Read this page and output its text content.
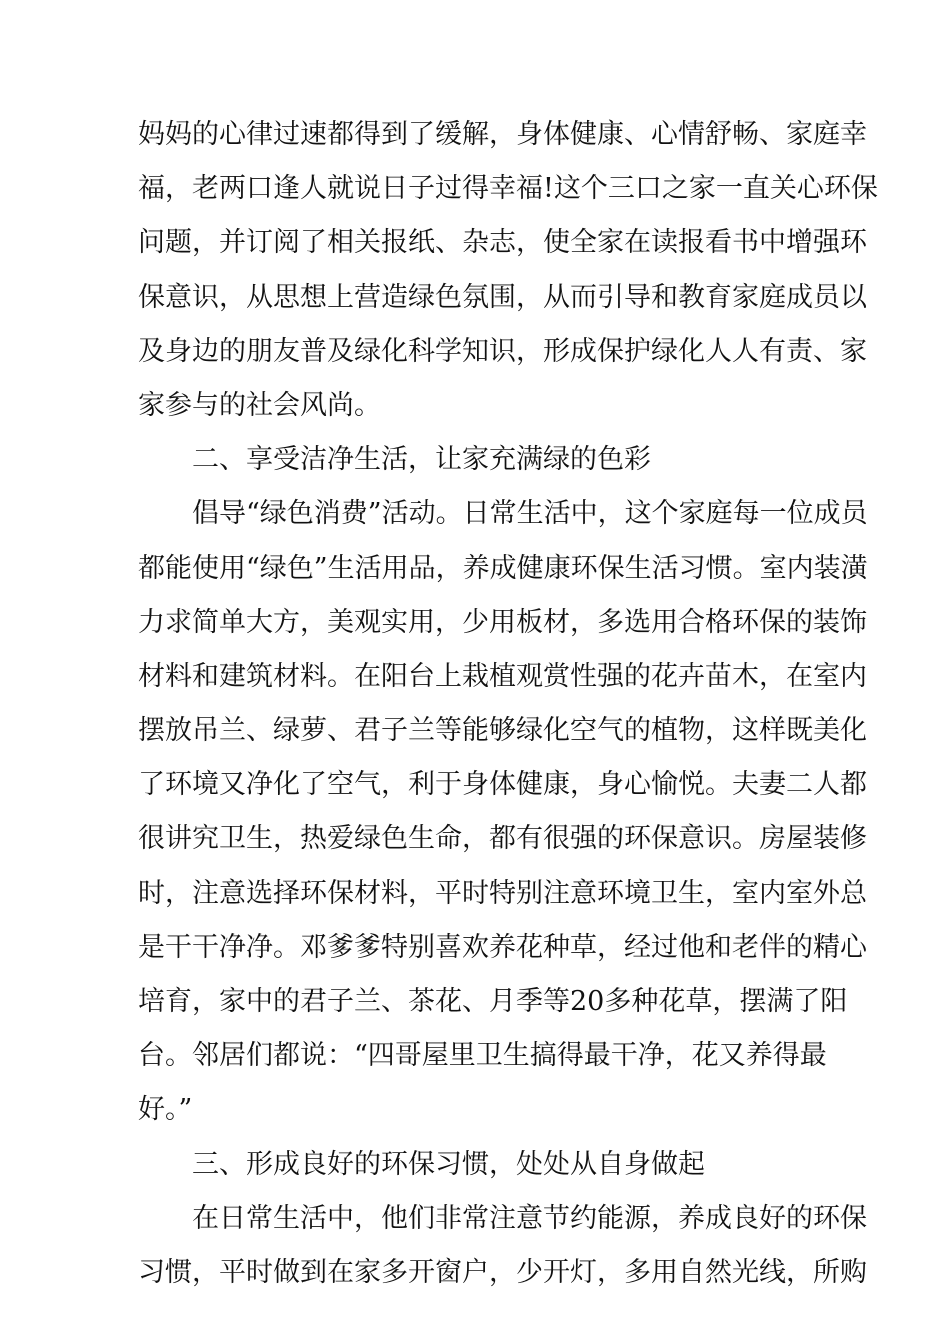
妈妈的心律过速都得到了缓解，身体健康、心情舒畅、家庭幸
福，老两口逢人就说日子过得幸福!这个三口之家一直关心环保
问题，并订阅了相关报纸、杂志，使全家在读报看书中增强环
保意识，从思想上营造绿色氛围，从而引导和教育家庭成员以
及身边的朋友普及绿化科学知识，形成保护绿化人人有责、家
家参与的社会风尚。
二、享受洁净生活，让家充满绿的色彩
倡导“绿色消费”活动。日常生活中，这个家庭每一位成员
都能使用“绿色”生活用品，养成健康环保生活习惯。室内装潢
力求简单大方，美观实用，少用板材，多选用合格环保的装饰
材料和建筑材料。在阳台上栽植观赏性强的花卉苗木，在室内
摆放吊兰、绿萝、君子兰等能够绿化空气的植物，这样既美化
了环境又净化了空气，利于身体健康，身心愉悦。夫妻二人都
很讲究卫生，热爱绿色生命，都有很强的环保意识。房屋装修
时，注意选择环保材料，平时特别注意环境卫生，室内室外总
是干干净净。邓爹爹特别喜欢养花种草，经过他和老伴的精心
培育，家中的君子兰、茶花、月季等20多种花草，摆满了阳
台。邻居们都说：“四哥屋里卫生搞得最干净，花又养得最
好。”
三、形成良好的环保习惯，处处从自身做起
在日常生活中，他们非常注意节约能源，养成良好的环保
习惯，平时做到在家多开窗户，少开灯，多用自然光线，所购
